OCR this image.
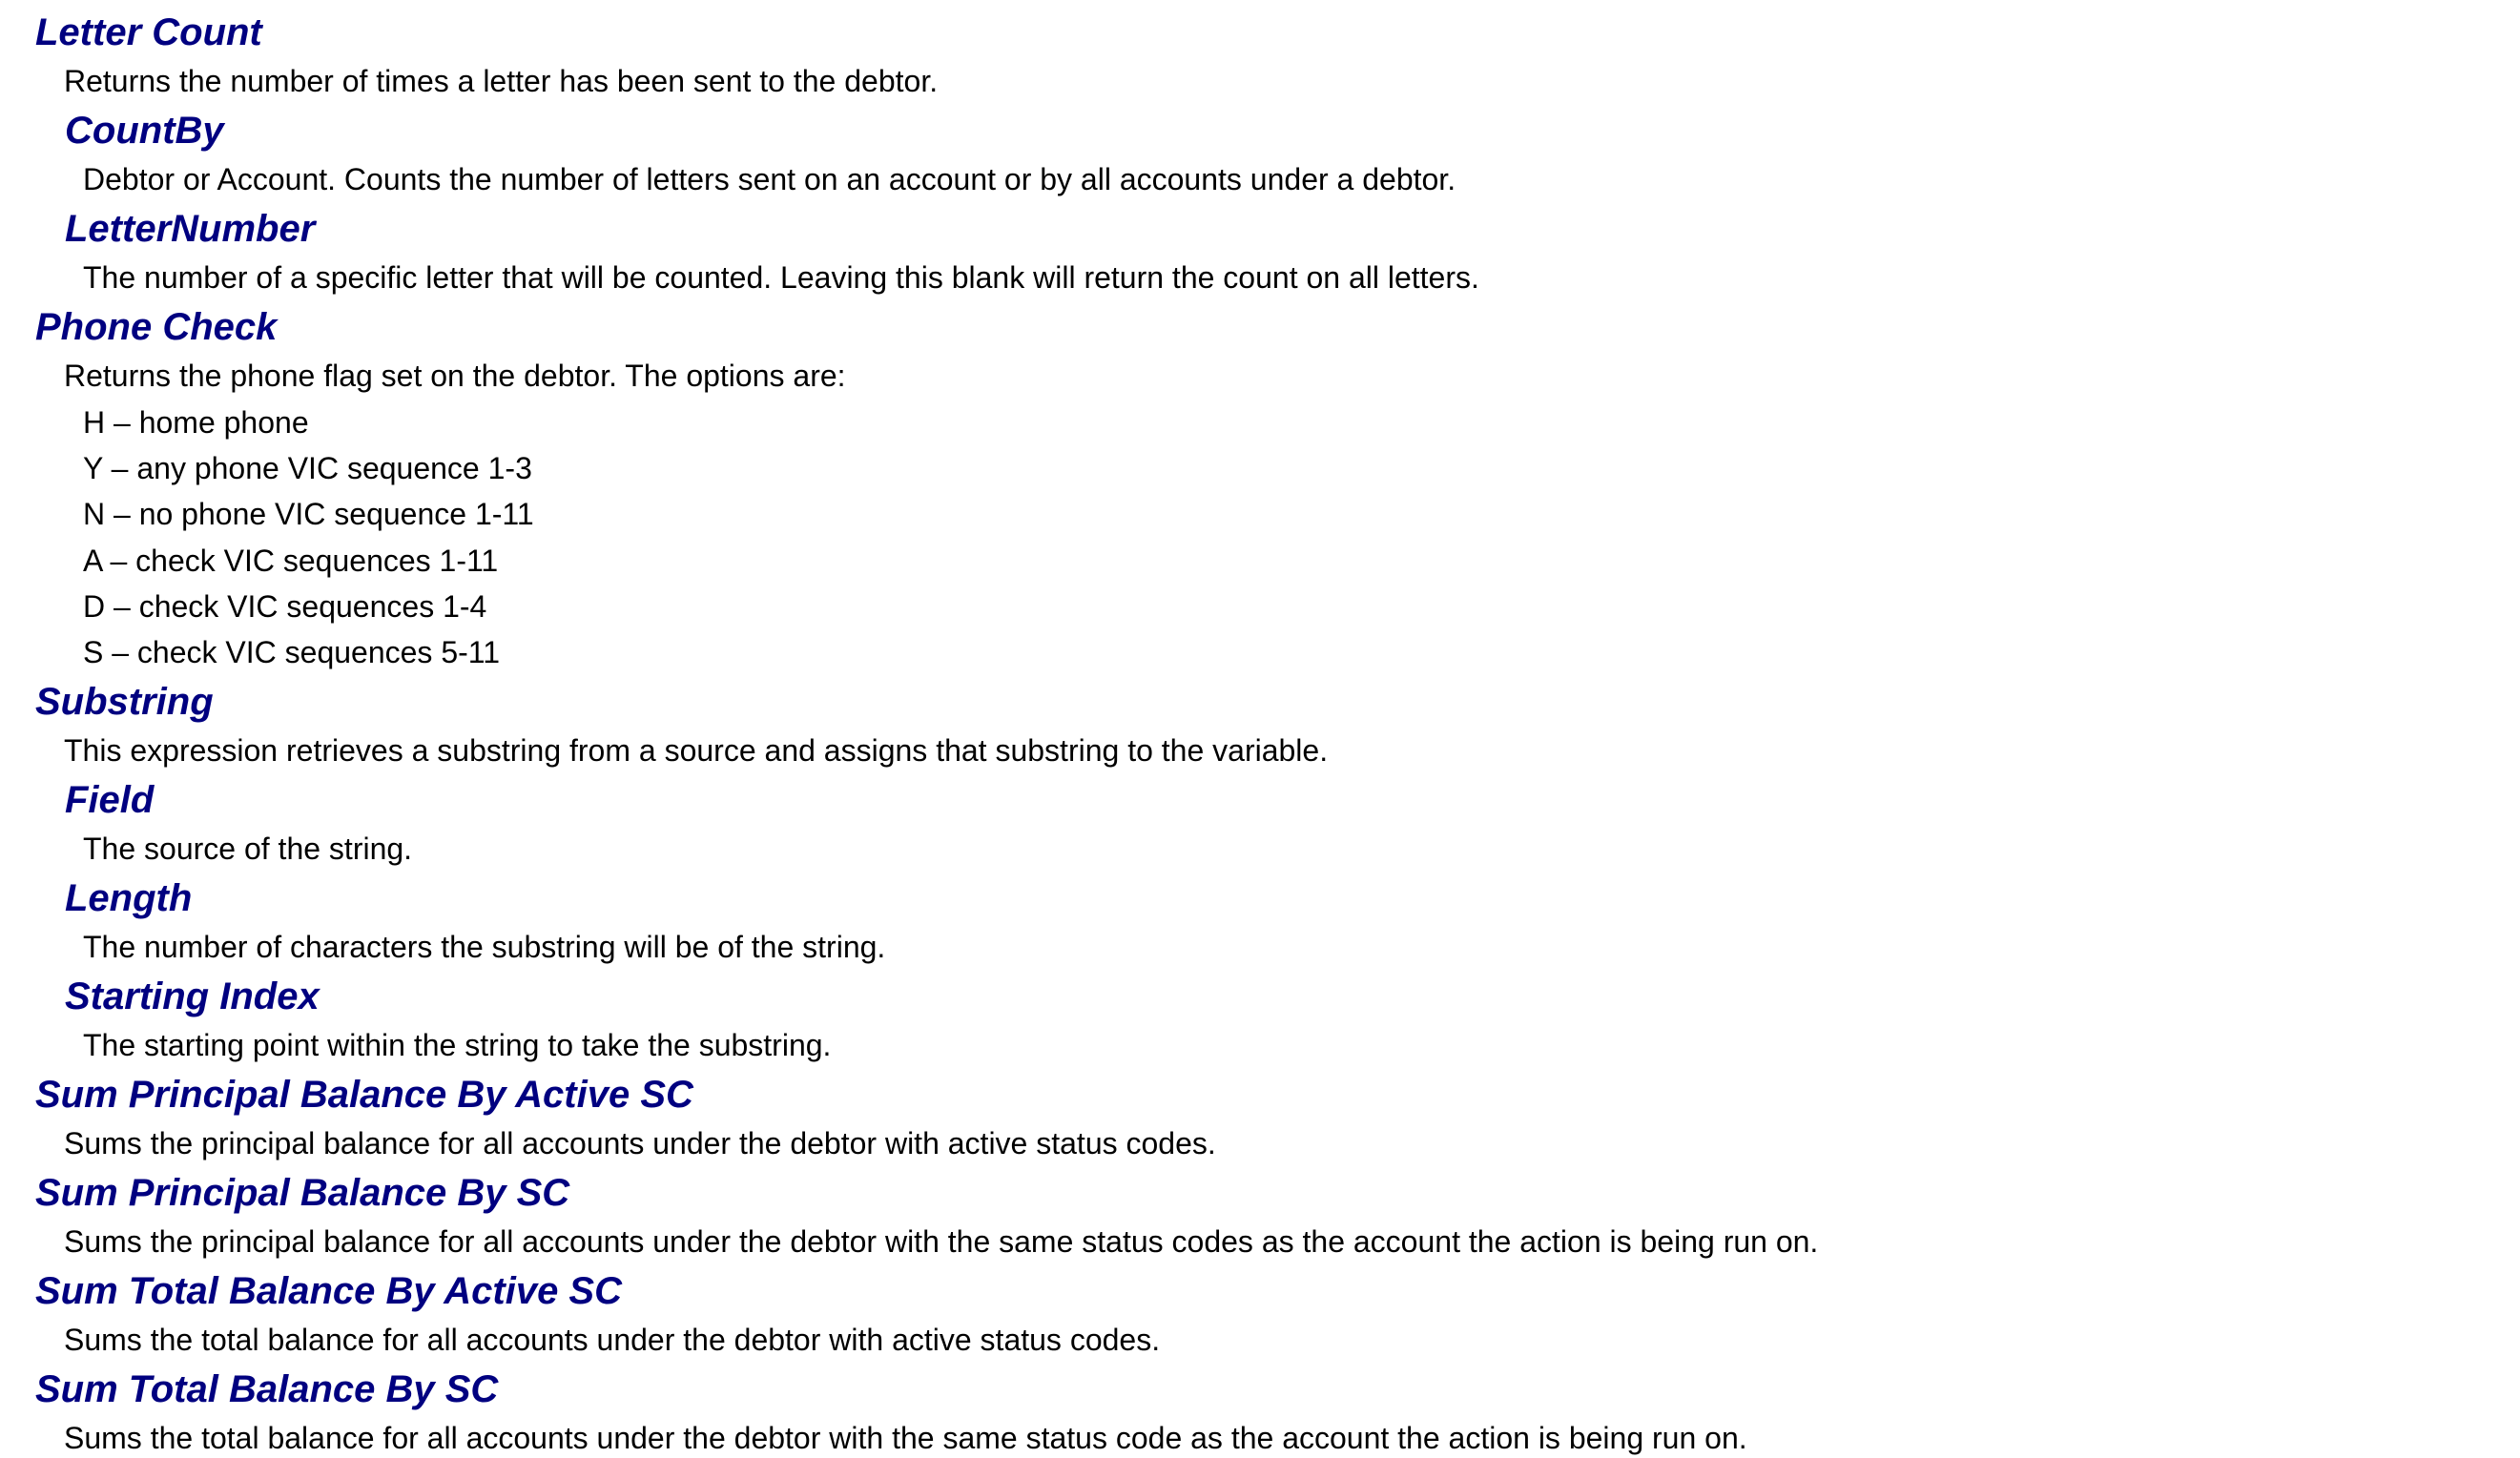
Letter Count
Returns the number of times a letter has been sent to the debtor.
CountBy
Debtor or Account. Counts the number of letters sent on an account or by all accounts under a debtor.
LetterNumber
The number of a specific letter that will be counted. Leaving this blank will return the count on all letters.
Phone Check
Returns the phone flag set on the debtor. The options are:
H – home phone
Y – any phone VIC sequence 1-3
N – no phone VIC sequence 1-11
A – check VIC sequences 1-11
D – check VIC sequences 1-4
S – check VIC sequences 5-11
Substring
This expression retrieves a substring from a source and assigns that substring to the variable.
Field
The source of the string.
Length
The number of characters the substring will be of the string.
Starting Index
The starting point within the string to take the substring.
Sum Principal Balance By Active SC
Sums the principal balance for all accounts under the debtor with active status codes.
Sum Principal Balance By SC
Sums the principal balance for all accounts under the debtor with the same status codes as the account the action is being run on.
Sum Total Balance By Active SC
Sums the total balance for all accounts under the debtor with active status codes.
Sum Total Balance By SC
Sums the total balance for all accounts under the debtor with the same status code as the account the action is being run on.
